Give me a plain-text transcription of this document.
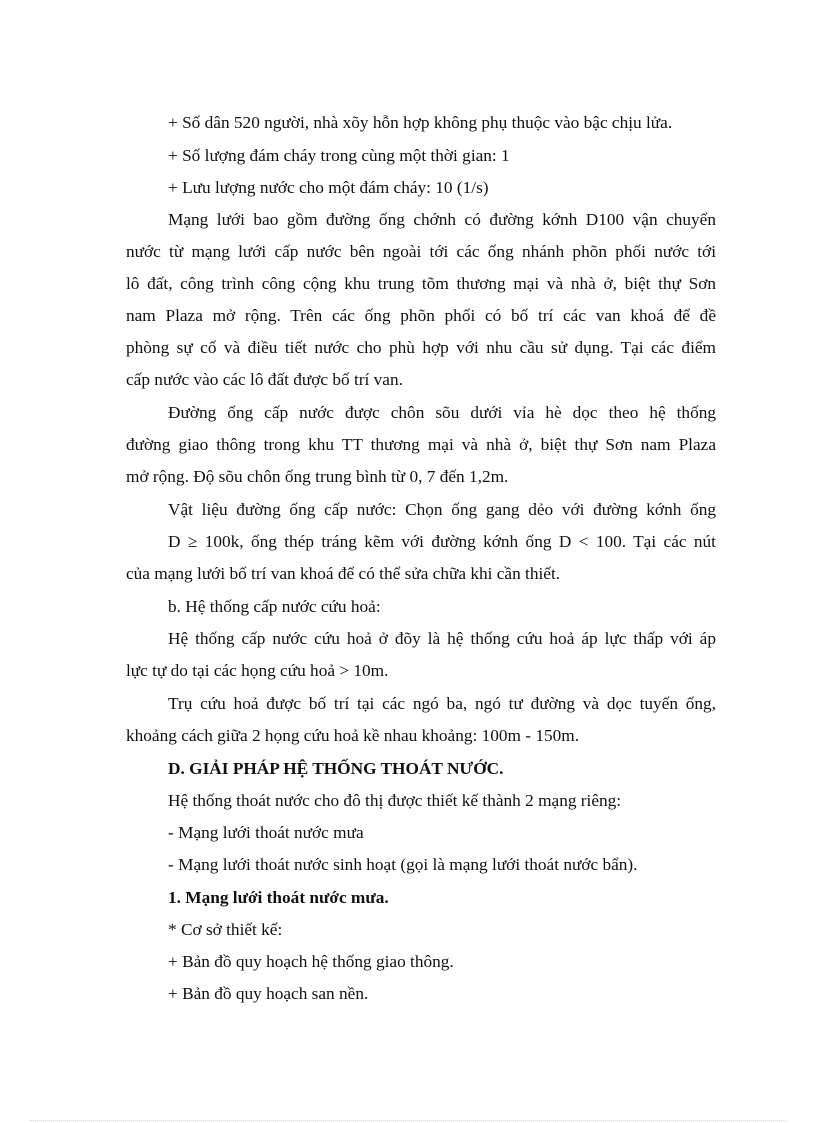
+ Số dân 520 người, nhà xõy hỗn hợp không phụ thuộc vào bậc chịu lửa.
+ Số lượng đám cháy trong cùng một thời gian: 1
+ Lưu lượng nước cho một đám cháy: 10 (1/s)
Mạng lưới bao gồm đường ống chớnh có đường kớnh D100 vận chuyển
nước từ mạng lưới cấp nước bên ngoài tới các ống nhánh phõn phối nước tới
lô đất, công trình công cộng khu trung tõm thương mại và nhà ở, biệt thự Sơn
nam Plaza mở rộng. Trên các ống phõn phối có bố trí các van khoá để đề
phòng sự cố và điều tiết nước cho phù hợp với nhu cầu sử dụng. Tại các điểm
cấp nước vào các lô đất được bố trí van.
Đường ống cấp nước được chôn sõu dưới vỉa hè dọc theo hệ thống
đường giao thông trong khu TT thương mại và nhà ở, biệt thự Sơn nam Plaza
mở rộng. Độ sõu chôn ống trung bình từ 0, 7 đến 1,2m.
Vật liệu đường ống cấp nước: Chọn ống gang dẻo với đường kớnh ống
D ≥ 100k, ống thép tráng kẽm với đường kớnh ống D < 100. Tại các nút
của mạng lưới bố trí van khoá để có thể sửa chữa khi cần thiết.
b. Hệ thống cấp nước cứu hoả:
Hệ thống cấp nước cứu hoả ở đõy là hệ thống cứu hoả áp lực thấp với áp
lực tự do tại các họng cứu hoả > 10m.
Trụ cứu hoả được bố trí tại các ngó ba, ngó tư đường và dọc tuyến ống,
khoảng cách giữa 2 họng cứu hoả kề nhau khoảng: 100m - 150m.
D. GIẢI PHÁP HỆ THỐNG THOÁT NƯỚC.
Hệ thống thoát nước cho đô thị được thiết kế thành 2 mạng riêng:
- Mạng lưới thoát nước mưa
- Mạng lưới thoát nước sinh hoạt (gọi là mạng lưới thoát nước bẩn).
1. Mạng lưới thoát nước mưa.
* Cơ sở thiết kế:
+ Bản đồ quy hoạch hệ thống giao thông.
+ Bản đồ quy hoạch san nền.
